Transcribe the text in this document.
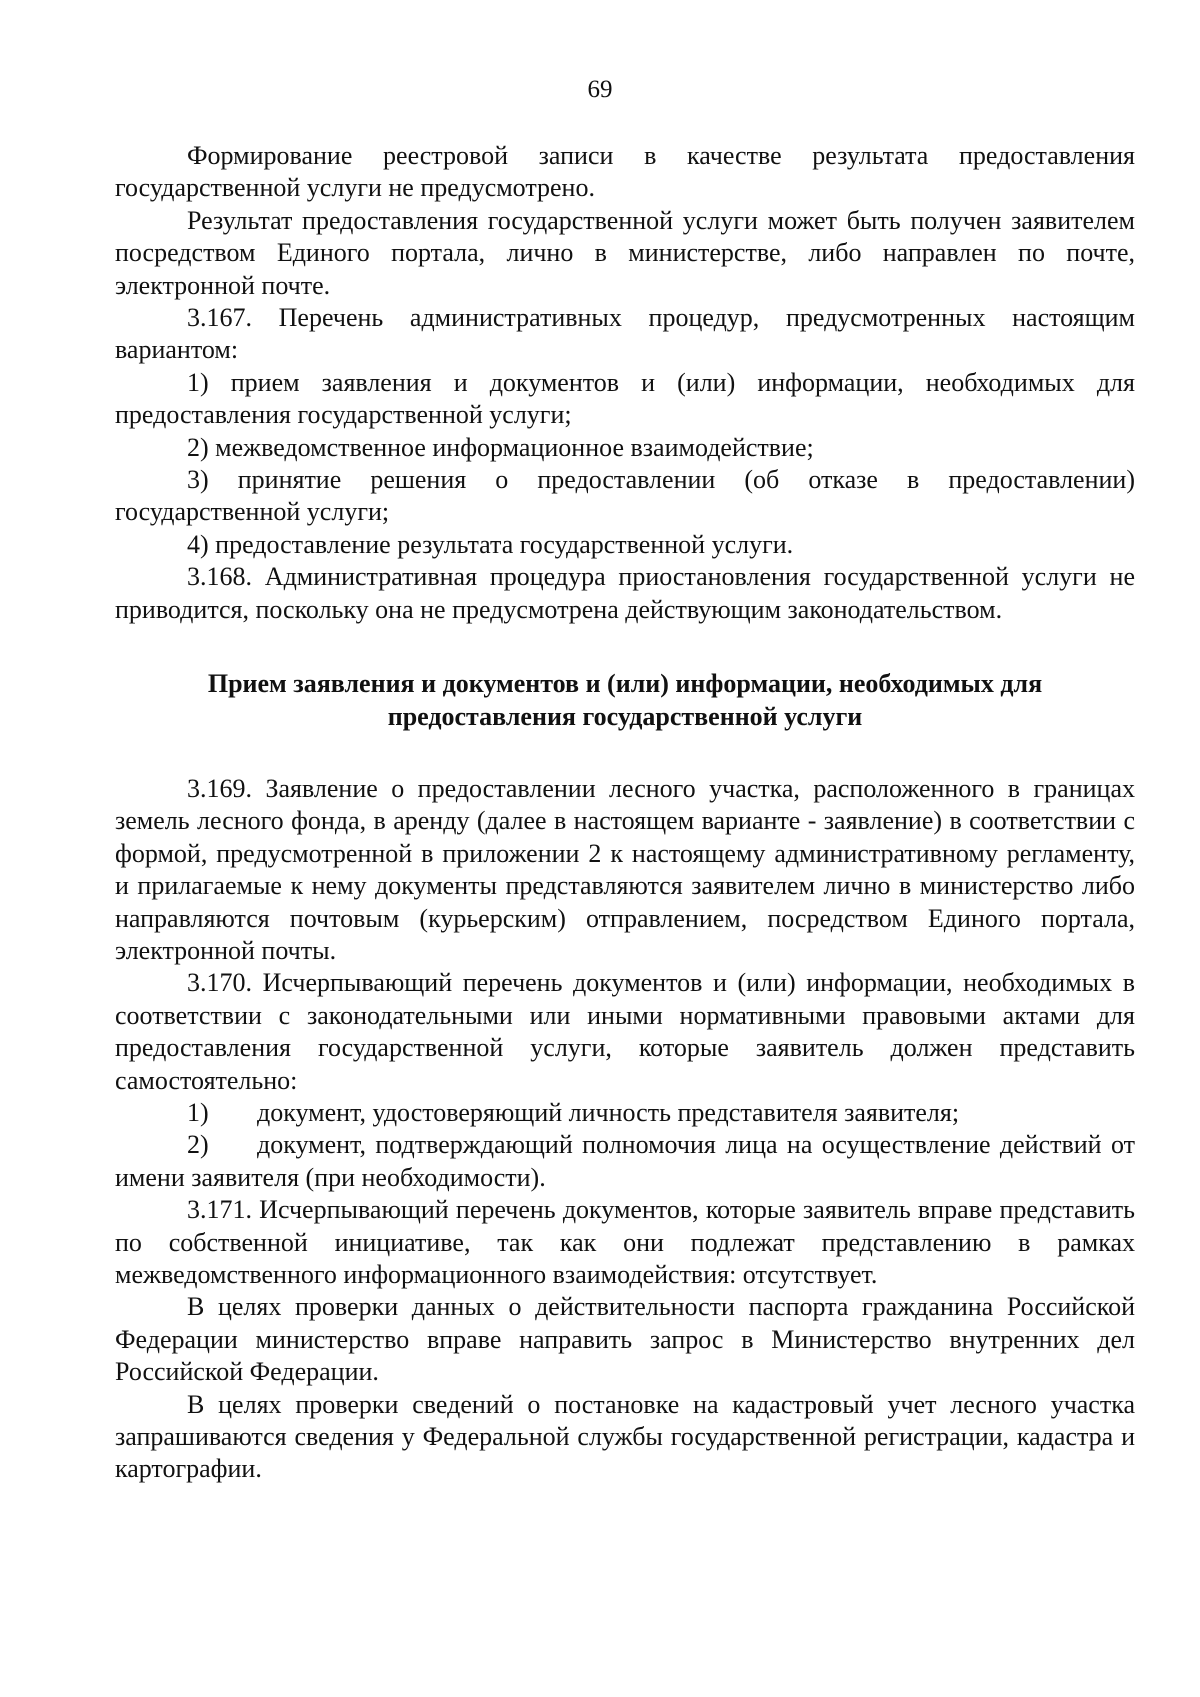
69

Формирование реестровой записи в качестве результата предоставления государственной услуги не предусмотрено.

Результат предоставления государственной услуги может быть получен заявителем посредством Единого портала, лично в министерстве, либо направлен по почте, электронной почте.

3.167. Перечень административных процедур, предусмотренных настоящим вариантом:

1) прием заявления и документов и (или) информации, необходимых для предоставления государственной услуги;

2) межведомственное информационное взаимодействие;

3) принятие решения о предоставлении (об отказе в предоставлении) государственной услуги;

4) предоставление результата государственной услуги.

3.168. Административная процедура приостановления государственной услуги не приводится, поскольку она не предусмотрена действующим законодательством.

Прием заявления и документов и (или) информации, необходимых для
предоставления государственной услуги

3.169. Заявление о предоставлении лесного участка, расположенного в границах земель лесного фонда, в аренду (далее в настоящем варианте - заявление) в соответствии с формой, предусмотренной в приложении 2 к настоящему административному регламенту, и прилагаемые к нему документы представляются заявителем лично в министерство либо направляются почтовым (курьерским) отправлением, посредством Единого портала, электронной почты.

3.170. Исчерпывающий перечень документов и (или) информации, необходимых в соответствии с законодательными или иными нормативными правовыми актами для предоставления государственной услуги, которые заявитель должен представить самостоятельно:

1) документ, удостоверяющий личность представителя заявителя;

2) документ, подтверждающий полномочия лица на осуществление действий от имени заявителя (при необходимости).

3.171. Исчерпывающий перечень документов, которые заявитель вправе представить по собственной инициативе, так как они подлежат представлению в рамках межведомственного информационного взаимодействия: отсутствует.

В целях проверки данных о действительности паспорта гражданина Российской Федерации министерство вправе направить запрос в Министерство внутренних дел Российской Федерации.

В целях проверки сведений о постановке на кадастровый учет лесного участка запрашиваются сведения у Федеральной службы государственной регистрации, кадастра и картографии.
